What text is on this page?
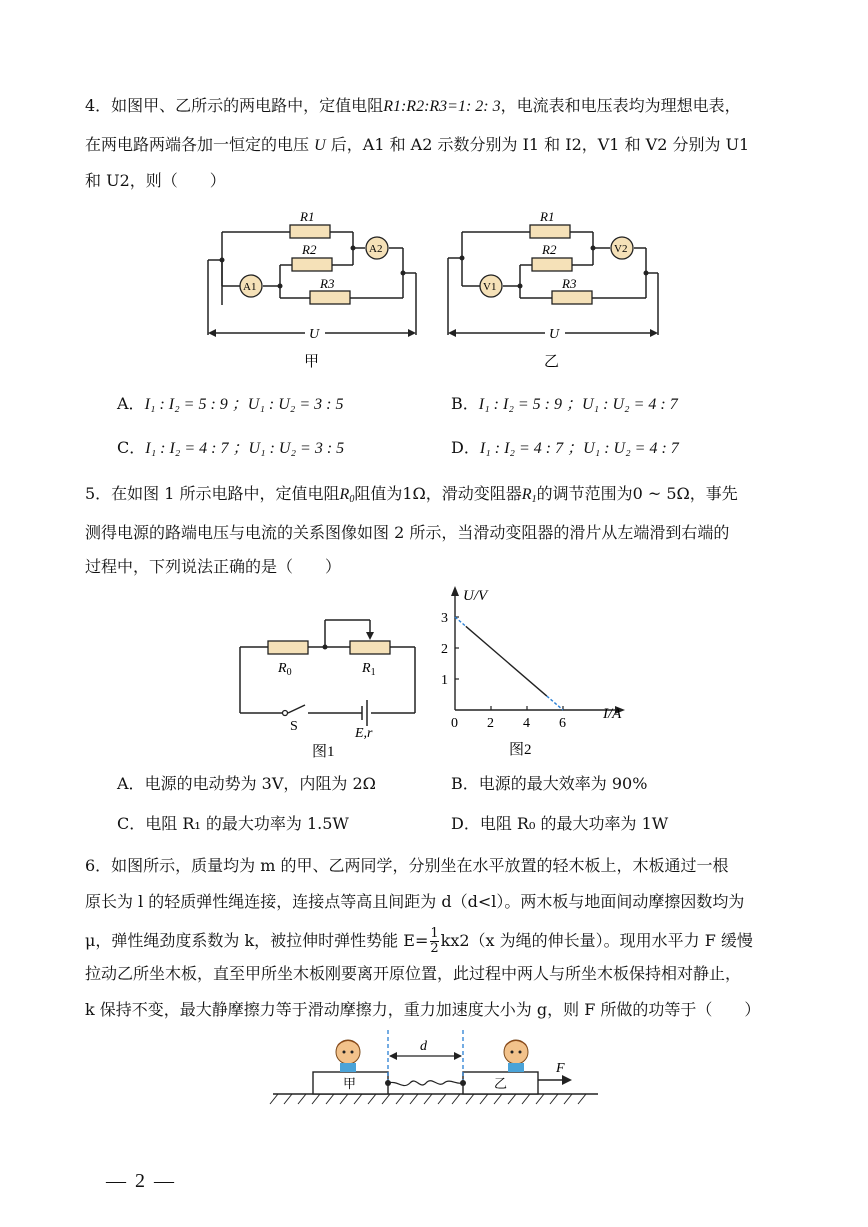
4．如图甲、乙所示的两电路中，定值电阻R1:R2:R3=1: 2: 3，电流表和电压表均为理想电表，
在两电路两端各加一恒定的电压 U 后，A1 和 A2 示数分别为 I1 和 I2，V1 和 V2 分别为 U1
和 U2，则（　　）
R1
R2
R3
A1
A2
U
甲
R1
R2
R3
V1
V2
U
乙
A．I₁ : I₂ = 5 : 9 ；U₁ : U₂ = 3 : 5	B．I₁ : I₂ = 5 : 9 ；U₁ : U₂ = 4 : 7
C．I₁ : I₂ = 4 : 7 ；U₁ : U₂ = 3 : 5	D．I₁ : I₂ = 4 : 7 ；U₁ : U₂ = 4 : 7
5．在如图 1 所示电路中，定值电阻$R_0$阻值为1Ω，滑动变阻器$R_1$的调节范围为0 ~ 5Ω，事先
测得电源的路端电压与电流的关系图像如图 2 所示，当滑动变阻器的滑片从左端滑到右端的
过程中，下列说法正确的是（　　）
$R_0$	$R_1$
S	E,r
图1
0 2 4 6
1
2
3
U/V
I/A
图2
A．电源的电动势为 3V，内阻为 2Ω	B．电源的最大效率为 90%
C．电阻 R₁ 的最大功率为 1.5W	D．电阻 R₀ 的最大功率为 1W
6．如图所示，质量均为 m 的甲、乙两同学，分别坐在水平放置的轻木板上，木板通过一根
原长为 l 的轻质弹性绳连接，连接点等高且间距为 d（d<l）。两木板与地面间动摩擦因数均为
μ，弹性绳劲度系数为 k，被拉伸时弹性势能 $E= \frac{1}{2} kx2(x$ 为绳的伸长量）。现用水平力 F 缓慢
拉动乙所坐木板，直至甲所坐木板刚要离开原位置，此过程中两人与所坐木板保持相对静止，
k 保持不变，最大静摩擦力等于滑动摩擦力，重力加速度大小为 g，则 F 所做的功等于（　　）
甲	乙
d
F
— 2 —
